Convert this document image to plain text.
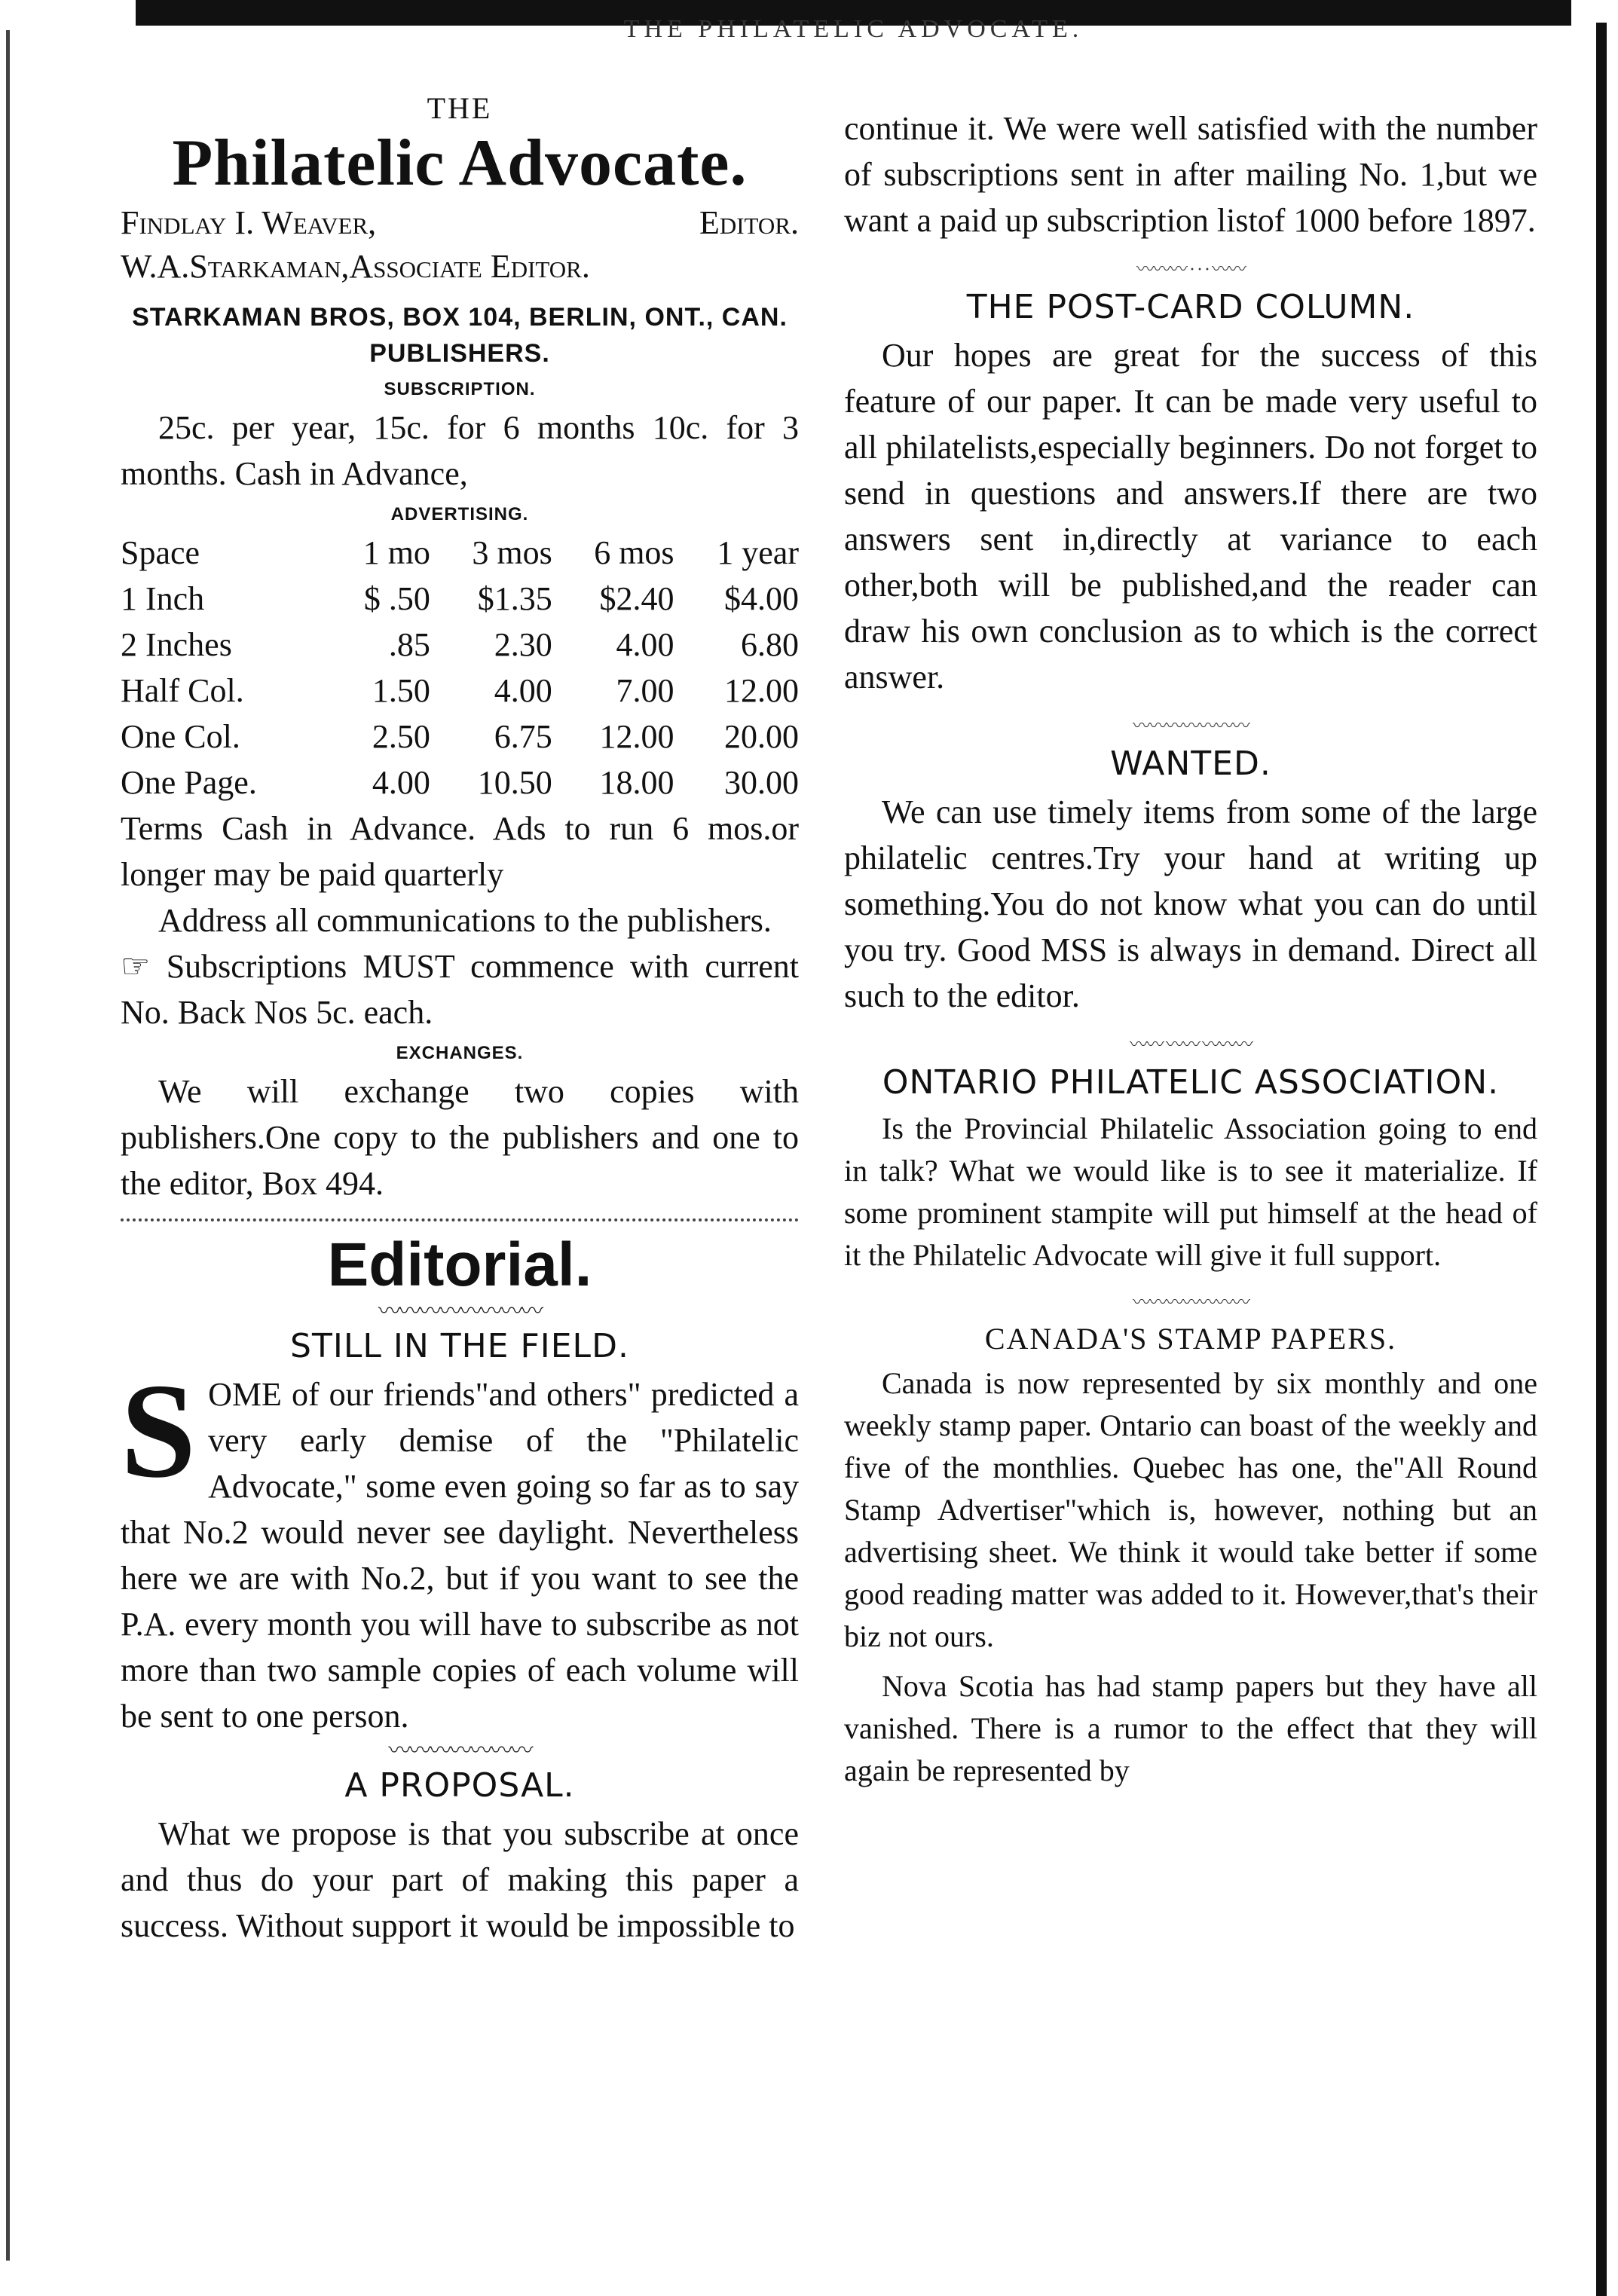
THE PHILATELIC ADVOCATE.

THE

Philatelic Advocate.

Findlay I. Weaver,	Editor.

W.A.Starkaman,Associate Editor.

STARKAMAN BROS, BOX 104, BERLIN, ONT., CAN. PUBLISHERS.

SUBSCRIPTION.

25c. per year, 15c. for 6 months 10c. for 3 months. Cash in Advance,

ADVERTISING.

Space	1 mo	3 mos	6 mos	1 year
1 Inch	$ .50	$1.35	$2.40	$4.00
2 Inches	.85	2.30	4.00	6.80
Half Col.	1.50	4.00	7.00	12.00
One Col.	2.50	6.75	12.00	20.00
One Page.	4.00	10.50	18.00	30.00

Terms Cash in Advance. Ads to run 6 mos.or longer may be paid quarterly

Address all communications to the publishers.

☞ Subscriptions MUST commence with current No. Back Nos 5c. each.

EXCHANGES.

We will exchange two copies with publishers.One copy to the publishers and one to the editor, Box 494.

Editorial.
〰〰〰〰〰〰〰〰

STILL IN THE FIELD.

SOME of our friends"and others" predicted a very early demise of the "Philatelic Advocate," some even going so far as to say that No.2 would never see daylight. Nevertheless here we are with No.2, but if you want to see the P.A. every month you will have to subscribe as not more than two sample copies of each volume will be sent to one person.

〰〰〰〰〰〰〰

A PROPOSAL.

What we propose is that you subscribe at once and thus do your part of making this paper a success. Without support it would be impossible to

continue it. We were well satisfied with the number of subscriptions sent in after mailing No. 1,but we want a paid up subscription listof 1000 before 1897.

〰〰〰 · · · 〰〰

THE POST-CARD COLUMN.

Our hopes are great for the success of this feature of our paper. It can be made very useful to all philatelists,especially beginners. Do not forget to send in questions and answers.If there are two answers sent in,directly at variance to each other,both will be published,and the reader can draw his own conclusion as to which is the correct answer.

〰〰〰〰〰〰〰

WANTED.

We can use timely items from some of the large philatelic centres.Try your hand at writing up something.You do not know what you can do until you try. Good MSS is always in demand. Direct all such to the editor.

〰〰 〰〰 〰〰〰

ONTARIO PHILATELIC ASSOCIATION.

Is the Provincial Philatelic Association going to end in talk? What we would like is to see it materialize. If some prominent stampite will put himself at the head of it the Philatelic Advocate will give it full support.

〰〰〰〰〰〰〰

CANADA'S STAMP PAPERS.

Canada is now represented by six monthly and one weekly stamp paper. Ontario can boast of the weekly and five of the monthlies. Quebec has one, the"All Round Stamp Advertiser"which is, however, nothing but an advertising sheet. We think it would take better if some good reading matter was added to it. However,that's their biz not ours.

Nova Scotia has had stamp papers but they have all vanished. There is a rumor to the effect that they will again be represented by
